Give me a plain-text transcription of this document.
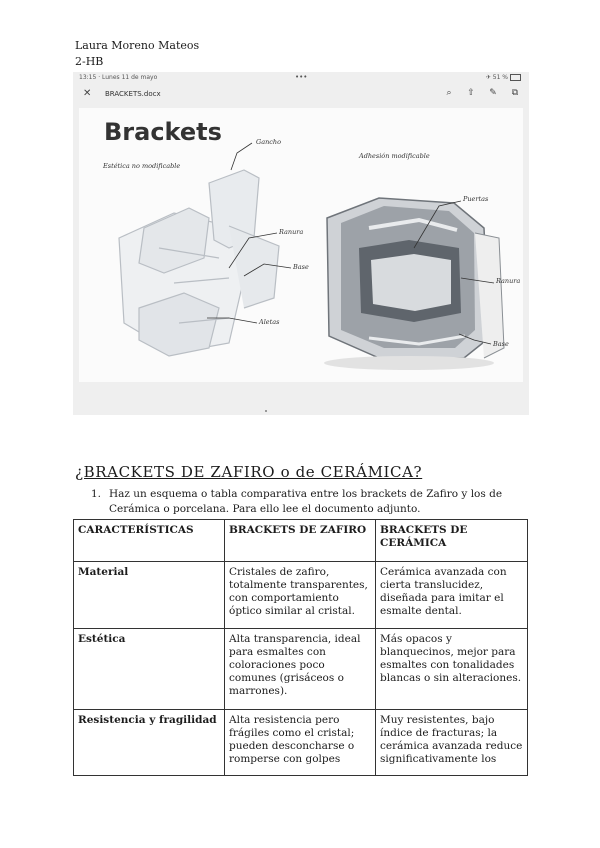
Laura Moreno Mateos
2-HB
13:15 · Lunes 11 de mayo	•••	✈ 51 %
✕ BRACKETS.docx	⌕	⇧ ✎	⧉
Brackets
Estética no modificable
Adhesión modificable
Gancho
Ranura
Base
Aletas
Puertas
Ranura
Base
¿BRACKETS DE ZAFIRO o de CERÁMICA?
1. Haz un esquema o tabla comparativa entre los brackets de Zafiro y los de Cerámica o porcelana. Para ello lee el documento adjunto.
CARACTERÍSTICAS	BRACKETS DE ZAFIRO	BRACKETS DE CERÁMICA
Material	Cristales de zafiro, totalmente transparentes, con comportamiento óptico similar al cristal.	Cerámica avanzada con cierta translucidez, diseñada para imitar el esmalte dental.
Estética	Alta transparencia, ideal para esmaltes con coloraciones poco comunes (grisáceos o marrones).	Más opacos y blanquecinos, mejor para esmaltes con tonalidades blancas o sin alteraciones.
Resistencia y fragilidad	Alta resistencia pero frágiles como el cristal; pueden desconcharse o romperse con golpes	Muy resistentes, bajo índice de fracturas; la cerámica avanzada reduce significativamente los
